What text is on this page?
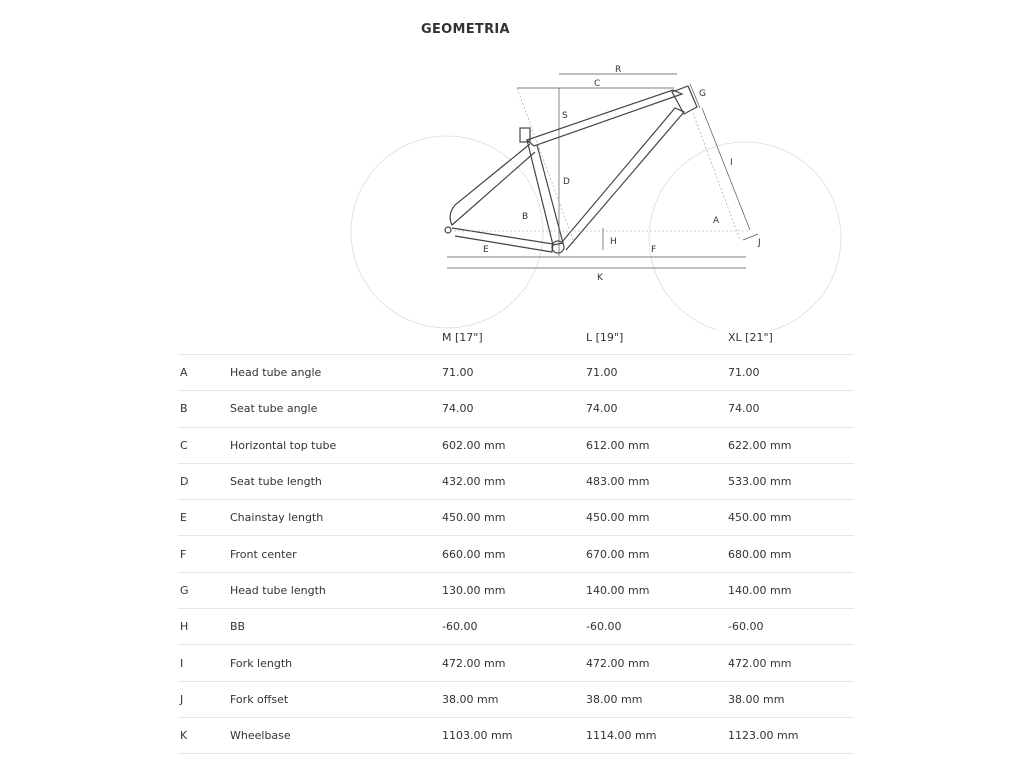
GEOMETRIA
R
C
G
S
I
D
B	A
H	J
E	F
K
		M [17"]	L [19"]	XL [21"]
A	Head tube angle	71.00	71.00	71.00
B	Seat tube angle	74.00	74.00	74.00
C	Horizontal top tube	602.00 mm	612.00 mm	622.00 mm
D	Seat tube length	432.00 mm	483.00 mm	533.00 mm
E	Chainstay length	450.00 mm	450.00 mm	450.00 mm
F	Front center	660.00 mm	670.00 mm	680.00 mm
G	Head tube length	130.00 mm	140.00 mm	140.00 mm
H	BB	-60.00	-60.00	-60.00
I	Fork length	472.00 mm	472.00 mm	472.00 mm
J	Fork offset	38.00 mm	38.00 mm	38.00 mm
K	Wheelbase	1103.00 mm	1114.00 mm	1123.00 mm
